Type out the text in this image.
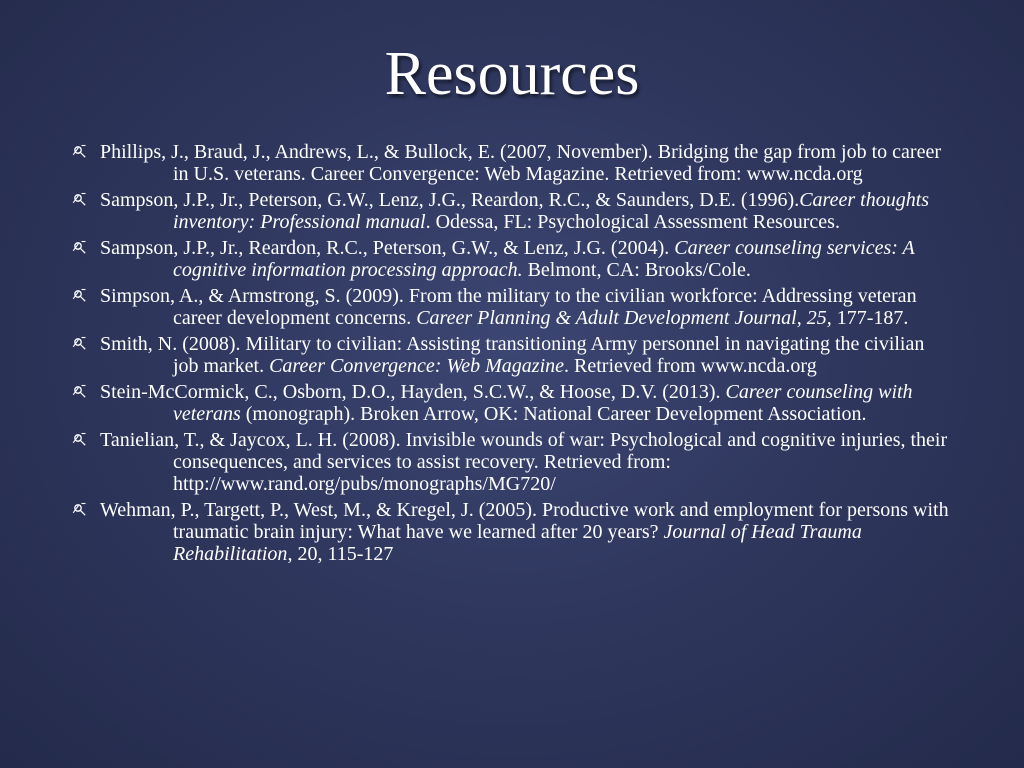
Resources
Phillips, J., Braud, J., Andrews, L., & Bullock, E. (2007, November). Bridging the gap from job to career in U.S. veterans. Career Convergence: Web Magazine. Retrieved from: www.ncda.org
Sampson, J.P., Jr., Peterson, G.W., Lenz, J.G., Reardon, R.C., & Saunders, D.E. (1996).Career thoughts inventory: Professional manual. Odessa, FL: Psychological Assessment Resources.
Sampson, J.P., Jr., Reardon, R.C., Peterson, G.W., & Lenz, J.G. (2004). Career counseling services: A cognitive information processing approach. Belmont, CA: Brooks/Cole.
Simpson, A., & Armstrong, S. (2009). From the military to the civilian workforce: Addressing veteran career development concerns. Career Planning & Adult Development Journal, 25, 177-187.
Smith, N. (2008). Military to civilian: Assisting transitioning Army personnel in navigating the civilian job market. Career Convergence: Web Magazine. Retrieved from www.ncda.org
Stein-McCormick, C., Osborn, D.O., Hayden, S.C.W., & Hoose, D.V. (2013). Career counseling with veterans (monograph). Broken Arrow, OK: National Career Development Association.
Tanielian, T., & Jaycox, L. H. (2008). Invisible wounds of war: Psychological and cognitive injuries, their consequences, and services to assist recovery. Retrieved from: http://www.rand.org/pubs/monographs/MG720/
Wehman, P., Targett, P., West, M., & Kregel, J. (2005). Productive work and employment for persons with traumatic brain injury: What have we learned after 20 years? Journal of Head Trauma Rehabilitation, 20, 115-127
